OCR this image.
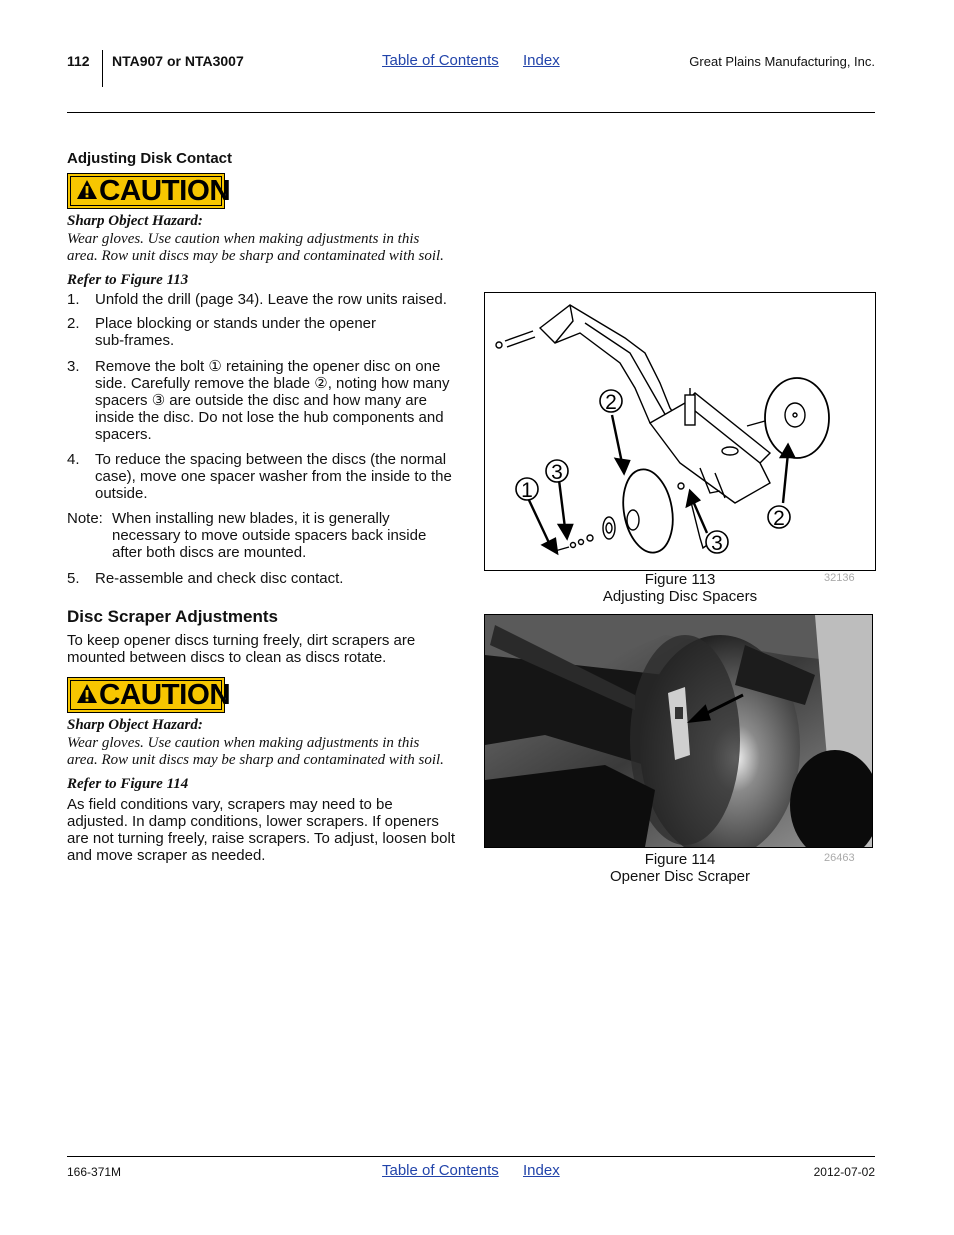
112 NTA907 or NTA3007	Table of Contents Index	Great Plains Manufacturing, Inc.
Adjusting Disk Contact
CAUTION
Sharp Object Hazard:
Wear gloves. Use caution when making adjustments in this
area. Row unit discs may be sharp and contaminated with soil.
Refer to Figure 113
1. Unfold the drill (page 34). Leave the row units raised.
2. Place blocking or stands under the opener sub-frames.
3. Remove the bolt ① retaining the opener disc on one side. Carefully remove the blade ②, noting how many spacers ③ are outside the disc and how many are inside the disc. Do not lose the hub components and spacers.
4. To reduce the spacing between the discs (the normal case), move one spacer washer from the inside to the outside.
Note: When installing new blades, it is generally necessary to move outside spacers back inside after both discs are mounted.
5. Re-assemble and check disc contact.
Disc Scraper Adjustments
To keep opener discs turning freely, dirt scrapers are mounted between discs to clean as discs rotate.
CAUTION
Sharp Object Hazard:
Wear gloves. Use caution when making adjustments in this
area. Row unit discs may be sharp and contaminated with soil.
Refer to Figure 114
As field conditions vary, scrapers may need to be adjusted. In damp conditions, lower scrapers. If openers are not turning freely, raise scrapers. To adjust, loosen bolt and move scraper as needed.
2
3
1
2
3
Figure 113
Adjusting Disc Spacers
32136
Figure 114
Opener Disc Scraper
26463
166-371M	Table of Contents Index	2012-07-02
